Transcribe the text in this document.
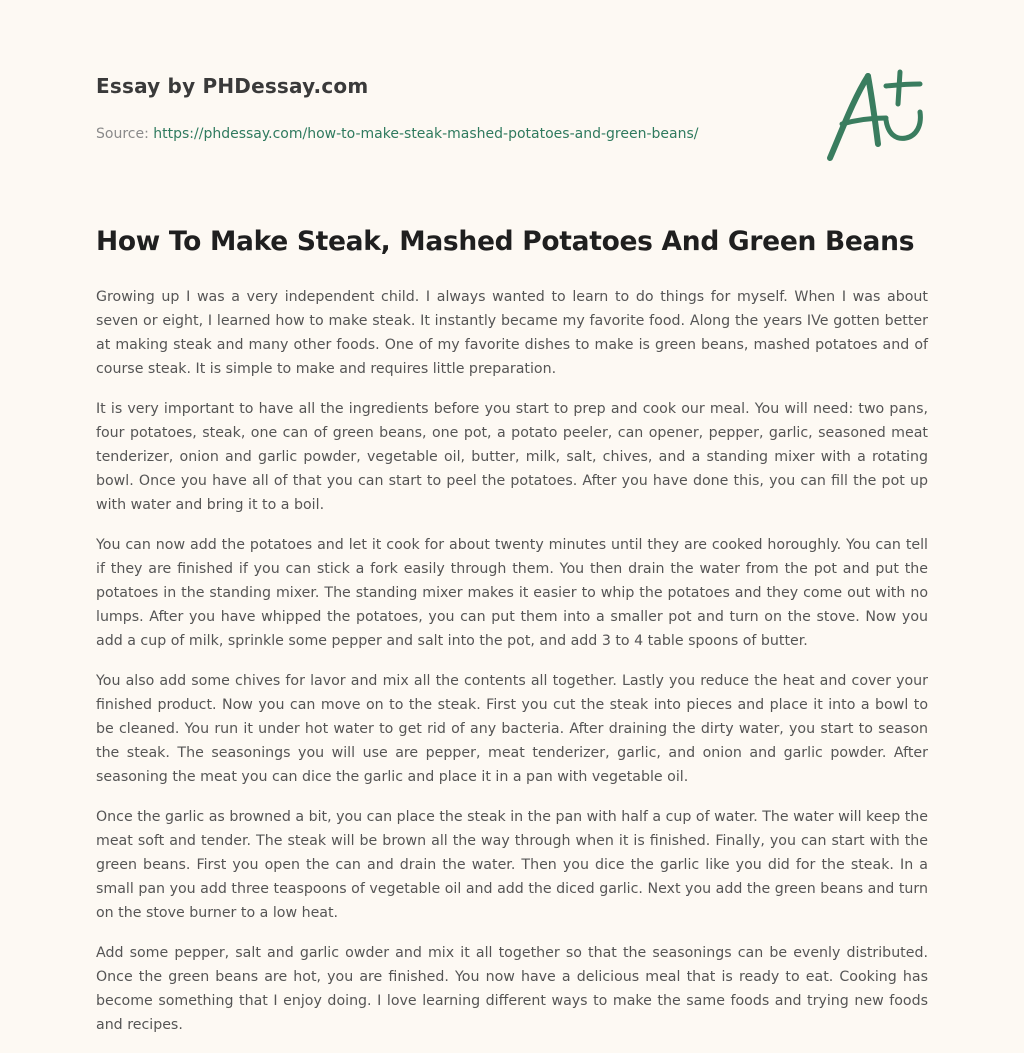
Essay by PHDessay.com
Source: https://phdessay.com/how-to-make-steak-mashed-potatoes-and-green-beans/
How To Make Steak, Mashed Potatoes And Green Beans

Growing up I was a very independent child. I always wanted to learn to do things for myself. When I was about seven or eight, I learned how to make steak. It instantly became my favorite food. Along the years IVe gotten better at making steak and many other foods. One of my favorite dishes to make is green beans, mashed potatoes and of course steak. It is simple to make and requires little preparation.

It is very important to have all the ingredients before you start to prep and cook our meal. You will need: two pans, four potatoes, steak, one can of green beans, one pot, a potato peeler, can opener, pepper, garlic, seasoned meat tenderizer, onion and garlic powder, vegetable oil, butter, milk, salt, chives, and a standing mixer with a rotating bowl. Once you have all of that you can start to peel the potatoes. After you have done this, you can fill the pot up with water and bring it to a boil.

You can now add the potatoes and let it cook for about twenty minutes until they are cooked horoughly. You can tell if they are finished if you can stick a fork easily through them. You then drain the water from the pot and put the potatoes in the standing mixer. The standing mixer makes it easier to whip the potatoes and they come out with no lumps. After you have whipped the potatoes, you can put them into a smaller pot and turn on the stove. Now you add a cup of milk, sprinkle some pepper and salt into the pot, and add 3 to 4 table spoons of butter.

You also add some chives for lavor and mix all the contents all together. Lastly you reduce the heat and cover your finished product. Now you can move on to the steak. First you cut the steak into pieces and place it into a bowl to be cleaned. You run it under hot water to get rid of any bacteria. After draining the dirty water, you start to season the steak. The seasonings you will use are pepper, meat tenderizer, garlic, and onion and garlic powder. After seasoning the meat you can dice the garlic and place it in a pan with vegetable oil.

Once the garlic as browned a bit, you can place the steak in the pan with half a cup of water. The water will keep the meat soft and tender. The steak will be brown all the way through when it is finished. Finally, you can start with the green beans. First you open the can and drain the water. Then you dice the garlic like you did for the steak. In a small pan you add three teaspoons of vegetable oil and add the diced garlic. Next you add the green beans and turn on the stove burner to a low heat.

Add some pepper, salt and garlic owder and mix it all together so that the seasonings can be evenly distributed. Once the green beans are hot, you are finished. You now have a delicious meal that is ready to eat. Cooking has become something that I enjoy doing. I love learning different ways to make the same foods and trying new foods and recipes.
